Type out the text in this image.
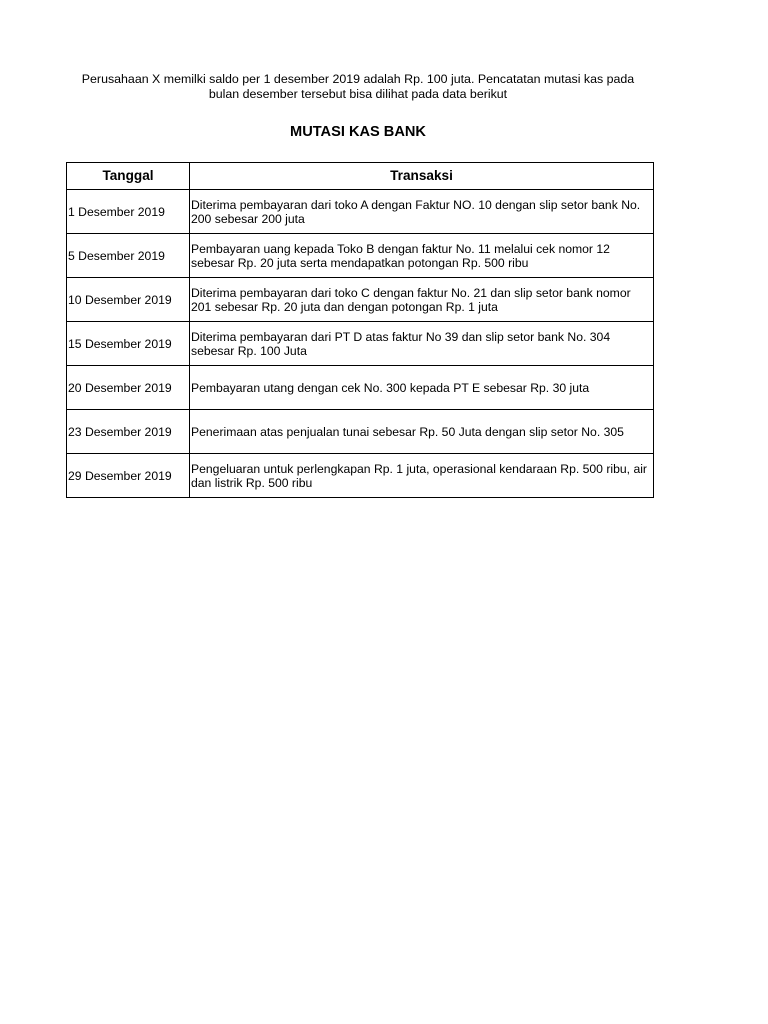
Perusahaan X memilki saldo per 1 desember 2019 adalah Rp. 100 juta. Pencatatan mutasi kas pada

bulan desember tersebut bisa dilihat pada data berikut

MUTASI KAS BANK
Tanggal	Transaksi
1 Desember 2019	Diterima pembayaran dari toko A dengan Faktur NO. 10 dengan slip setor bank No. 200 sebesar 200 juta
5 Desember 2019	Pembayaran uang kepada Toko B dengan faktur No. 11 melalui cek nomor 12 sebesar Rp. 20 juta serta mendapatkan potongan Rp. 500 ribu
10 Desember 2019	Diterima pembayaran dari toko C dengan faktur No. 21 dan slip setor bank nomor 201 sebesar Rp. 20 juta dan dengan potongan Rp. 1 juta
15 Desember 2019	Diterima pembayaran dari PT D atas faktur No 39 dan slip setor bank No. 304 sebesar Rp. 100 Juta
20 Desember 2019	Pembayaran utang dengan cek No. 300 kepada PT E sebesar Rp. 30 juta
23 Desember 2019	Penerimaan atas penjualan tunai sebesar Rp. 50 Juta dengan slip setor No. 305
29 Desember 2019	Pengeluaran untuk perlengkapan Rp. 1 juta, operasional kendaraan Rp. 500 ribu, air dan listrik Rp. 500 ribu
